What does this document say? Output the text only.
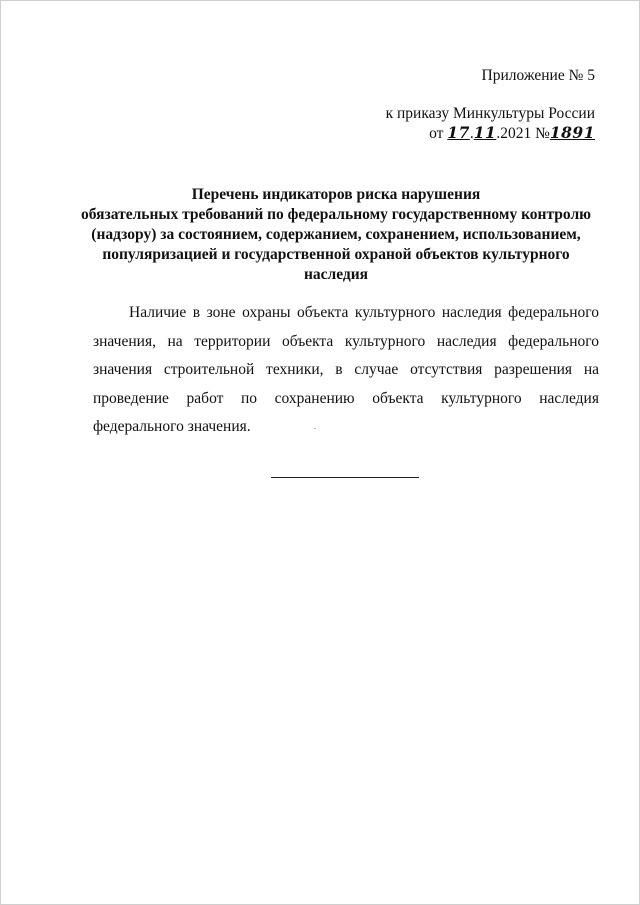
Приложение № 5
к приказу Минкультуры России
от 17.11.2021 №1891
Перечень индикаторов риска нарушения
обязательных требований по федеральному государственному контролю
(надзору) за состоянием, содержанием, сохранением, использованием,
популяризацией и государственной охраной объектов культурного
наследия
Наличие в зоне охраны объекта культурного наследия федерального значения, на территории объекта культурного наследия федерального значения строительной техники, в случае отсутствия разрешения на проведение работ по сохранению объекта культурного наследия федерального значения.
